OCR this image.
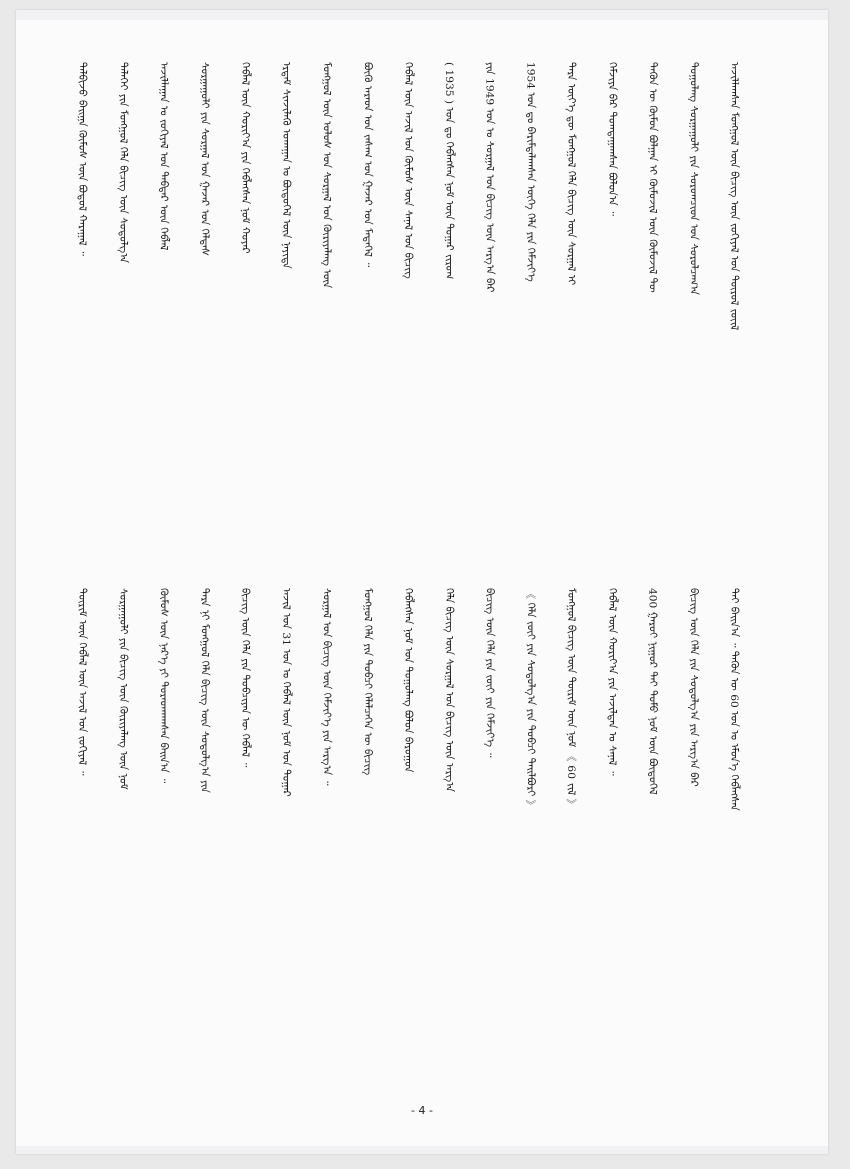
ᠲᠠᠯᠪᠢᠵᠤ ᠪᠠᠢᠭᠠ ᠬᠦᠮᠦᠰ ᠦᠨ ᠪᠣᠳᠤᠯ ᠬᠠᠷᠠᠭᠠᠯ ᠃	ᠳᠡᠯᠡᠬᠡᠢ ᠶᠢᠨ ᠮᠣᠩᠭᠣᠯ ᠬᠡᠯᠡ ᠪᠢᠴᠢᠭ ᠦᠨ ᠰᠤᠳᠤᠯᠭ᠎ᠠ	ᠠᠵᠢᠯᠯᠠᠭᠠᠨ ᠤ ᠵᠣᠬᠢᠶᠠᠯ ᠤᠨ ᠳᠡᠪᠲᠡᠷ ᠦᠨ ᠬᠡᠪᠯᠡᠯ	ᠰᠤᠷᠭᠠᠭᠤᠯᠢ ᠶᠢᠨ ᠰᠤᠷᠭᠠᠯ ᠤᠨ ᠭᠠᠵᠠᠷ ᠤᠨ ᠬᠡᠯᠲᠡᠰ	ᠬᠡᠪᠯᠡᠯ ᠦᠨ ᠬᠣᠷᠢᠶ᠎ᠠ ᠶᠢᠨ ᠬᠡᠪᠯᠡᠭᠰᠡᠨ ᠨᠣᠮ ᠬᠣᠶᠠᠷ	ᠡᠷᠳᠡᠮ ᠰᠢᠨᠵᠢᠯᠡᠬᠦ ᠤᠬᠠᠭᠠᠨ ᠤ ᠪᠦᠲᠦᠭᠡᠯ ᠦᠨ ᠨᠡᠶᠢᠲᠡ	ᠮᠣᠩᠭᠣᠯ ᠦᠨ ᠤᠯᠤᠰ ᠤᠨ ᠰᠤᠷᠭᠠᠯ ᠤᠨ ᠬᠦᠷᠢᠶᠡᠯᠡᠩ ᠦᠨ	ᠪᠦᠬᠦ ᠠᠷᠠᠳ ᠤᠨ ᠵᠠᠰᠠᠭ ᠤᠨ ᠭᠠᠵᠠᠷ ᠤᠨ ᠮᠡᠳᠡᠭᠡᠯ ᠃	ᠬᠡᠪᠯᠡᠯ ᠦᠨ ᠠᠵᠢᠯ ᠤᠨ ᠬᠦᠮᠦᠰ ᠦᠨ ᠰᠠᠨᠠᠯ ᠤᠨ ᠪᠢᠴᠢᠭ	( 1935 ) ᠣᠨ ᠳᠤ ᠬᠡᠪᠯᠡᠭᠰᠡᠨ ᠨᠣᠮ ᠦᠨ ᠳᠤᠭᠠᠷ ᠵᠢᠷᠤᠭ	ᠶᠢᠨ 1949 ᠣᠨ ᠤ ᠰᠤᠷᠭᠠᠯ ᠤᠨ ᠪᠢᠴᠢᠭ ᠦᠨ ᠠᠷᠭ᠎ᠠ ᠪᠠᠷ	1954 ᠣᠨ ᠳᠤ ᠪᠠᠷᠢᠮᠲᠠᠯᠠᠭᠰᠠᠨ ᠦᠭᠡ ᠬᠡᠯᠡ ᠶᠢᠨ ᠬᠡᠮᠵᠢᠶ᠎ᠡ	ᠲᠡᠷᠡ ᠦᠶ᠎ᠡ ᠳᠦ ᠮᠣᠩᠭᠣᠯ ᠬᠡᠯᠡ ᠪᠢᠴᠢᠭ ᠦᠨ ᠰᠤᠷᠭᠠᠯ ᠢ	ᠬᠡᠮᠵᠢᠶᠡ ᠪᠡᠷ ᠲᠣᠭᠲᠠᠭᠠᠭᠰᠠᠨ ᠪᠣᠯᠤᠨ᠎ᠠ ᠃	ᠲᠡᠭᠦᠨ ᠦ ᠬᠦᠮᠦᠨ ᠪᠣᠯᠭᠠᠨ ᠢ ᠬᠦᠮᠦᠵᠢᠯ ᠦᠨ ᠬᠦᠮᠦᠵᠢᠯ ᠲᠦ	ᠳᠤᠭᠤᠯᠠᠩ ᠰᠤᠷᠭᠠᠭᠤᠯᠢ ᠶᠢᠨ ᠰᠤᠷᠤᠭᠴᠢᠳ ᠤᠨ ᠰᠤᠷᠤᠯᠴᠠᠭ᠎ᠠ	ᠠᠵᠢᠯᠯᠠᠭᠰᠠᠨ ᠮᠣᠩᠭᠣᠯ ᠦᠨ ᠪᠢᠴᠢᠭ ᠦᠨ ᠵᠣᠬᠢᠶᠠᠯ ᠤᠨ ᠲᠦᠷᠦᠯ ᠵᠦᠢᠯ
ᠳᠦᠷᠢᠮ ᠦᠨ ᠬᠡᠪᠯᠡᠯ ᠦᠨ ᠠᠵᠢᠯ ᠤᠨ ᠵᠣᠬᠢᠶᠠᠯ ᠃	ᠰᠤᠷᠭᠠᠭᠤᠯᠢ ᠶᠢᠨ ᠪᠢᠴᠢᠭ ᠦᠨ ᠬᠦᠷᠢᠶᠡᠯᠡᠩ ᠦᠨ ᠨᠣᠮ	ᠬᠦᠮᠦᠰ ᠦᠨ ᠨᠡᠷ᠎ᠡ ᠶᠢ ᠳᠤᠷᠠᠳᠬᠠᠭᠰᠠᠨ ᠪᠠᠢᠨ᠎ᠠ ᠃	ᠲᠡᠷᠡ ᠨᠢ ᠮᠣᠩᠭᠣᠯ ᠬᠡᠯᠡ ᠪᠢᠴᠢᠭ ᠦᠨ ᠰᠤᠳᠤᠯᠭ᠎ᠠ ᠶᠢᠨ	ᠪᠢᠴᠢᠭ ᠦᠨ ᠬᠡᠯᠡ ᠶᠢᠨ ᠲᠣᠪᠴᠢᠶᠠᠨ ᠦ ᠬᠡᠪᠯᠡᠯ ᠃	ᠠᠵᠢᠯ ᠤᠨ 31 ᠣᠨ ᠤ ᠬᠡᠪᠯᠡᠯ ᠦᠨ ᠨᠣᠮ ᠤᠨ ᠳᠤᠭᠠᠷ	ᠰᠤᠷᠭᠠᠯ ᠤᠨ ᠪᠢᠴᠢᠭ ᠦᠨ ᠬᠡᠮᠵᠢᠶ᠎ᠡ ᠶᠢᠨ ᠠᠷᠭ᠎ᠠ ᠃	ᠮᠣᠩᠭᠣᠯ ᠬᠡᠯᠡ ᠶᠢᠨ ᠲᠣᠪᠴᠢ ᠬᠡᠯᠡᠯᠴᠡᠭᠡᠨ ᠦ ᠪᠢᠴᠢᠭ	ᠬᠡᠪᠯᠡᠭᠰᠡᠨ ᠨᠣᠮ ᠤᠨ ᠳᠣᠭᠣᠯᠠᠩ ᠪᠣᠯᠤᠨ ᠪᠠᠷᠤᠭᠤᠨ	ᠬᠡᠯᠡ ᠪᠢᠴᠢᠭ ᠦᠨ ᠰᠤᠷᠭᠠᠯ ᠤᠨ ᠪᠢᠴᠢᠭ ᠦᠨ ᠠᠷᠭ᠎ᠠ	ᠪᠢᠴᠢᠭ ᠦᠨ ᠬᠡᠯᠡ ᠶᠢᠨ ᠵᠦᠢ ᠶᠢᠨ ᠬᠡᠮᠵᠢᠶ᠎ᠡ ᠃	《 ᠬᠡᠯᠡ ᠵᠦᠢ ᠶᠢᠨ ᠰᠤᠳᠤᠯᠭ᠎ᠠ ᠶᠢᠨ ᠲᠣᠪᠴᠢ ᠲᠠᠢᠯᠪᠤᠷᠢ 》	ᠮᠣᠩᠭᠣᠯ ᠪᠢᠴᠢᠭ ᠦᠨ ᠳᠦᠷᠢᠮ ᠦᠨ ᠨᠣᠮ 《 60 ᠵᠢᠯ 》	ᠬᠡᠪᠯᠡᠯ ᠦᠨ ᠬᠣᠷᠢᠶ᠎ᠠ ᠶᠢᠨ ᠠᠵᠢᠯᠲᠠᠨ ᠤ ᠰᠠᠨᠠᠯ ᠃	400 ᠭᠠᠷᠤᠢ ᠨᠢᠭᠤᠷ ᠲᠠᠢ ᠲᠣᠮᠣ ᠨᠣᠮ ᠦᠨ ᠪᠦᠲᠦᠭᠡᠯ	ᠪᠢᠴᠢᠭ ᠦᠨ ᠬᠡᠯᠡ ᠶᠢᠨ ᠰᠤᠳᠤᠯᠭ᠎ᠠ ᠶᠢᠨ ᠠᠷᠭ᠎ᠠ ᠪᠠᠷ	ᠲᠠᠢ ᠪᠠᠢᠨ᠎ᠠ ᠃ ᠲᠡᠭᠦᠨ ᠦ 60 ᠣᠨ ᠤ ᠡᠮᠦᠨ᠎ᠡ ᠬᠡᠪᠯᠡᠭᠰᠡᠨ
- 4 -
